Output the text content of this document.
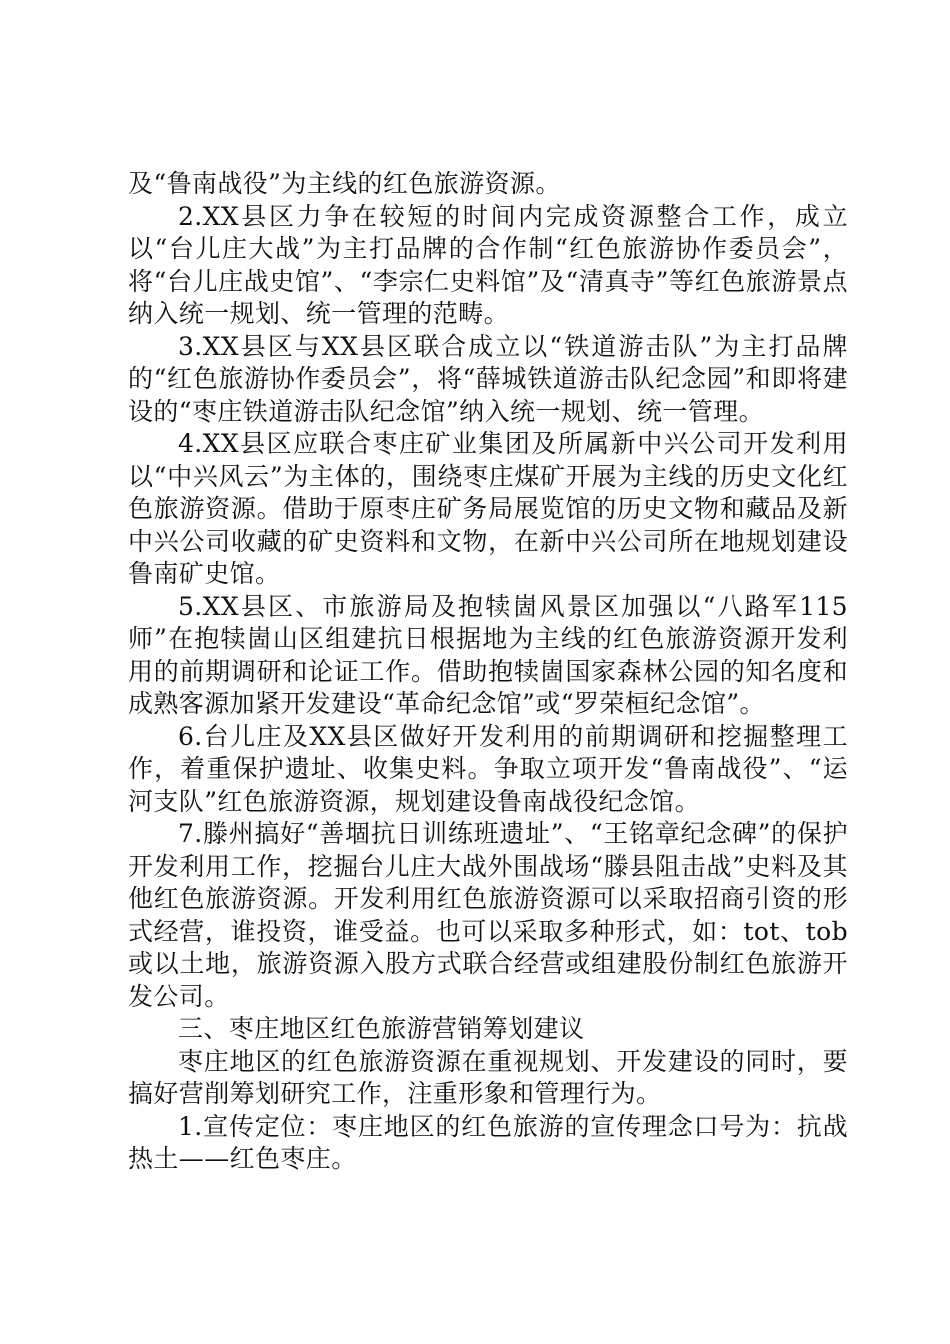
及“鲁南战役”为主线的红色旅游资源。

2.XX县区力争在较短的时间内完成资源整合工作，成立以“台儿庄大战”为主打品牌的合作制“红色旅游协作委员会”，将“台儿庄战史馆”、“李宗仁史料馆”及“清真寺”等红色旅游景点纳入统一规划、统一管理的范畴。

3.XX县区与XX县区联合成立以“铁道游击队”为主打品牌的“红色旅游协作委员会”，将“薛城铁道游击队纪念园”和即将建设的“枣庄铁道游击队纪念馆”纳入统一规划、统一管理。

4.XX县区应联合枣庄矿业集团及所属新中兴公司开发利用以“中兴风云”为主体的，围绕枣庄煤矿开展为主线的历史文化红色旅游资源。借助于原枣庄矿务局展览馆的历史文物和藏品及新中兴公司收藏的矿史资料和文物，在新中兴公司所在地规划建设鲁南矿史馆。

5.XX县区、市旅游局及抱犊崮风景区加强以“八路军115师”在抱犊崮山区组建抗日根据地为主线的红色旅游资源开发利用的前期调研和论证工作。借助抱犊崮国家森林公园的知名度和成熟客源加紧开发建设“革命纪念馆”或“罗荣桓纪念馆”。

6.台儿庄及XX县区做好开发利用的前期调研和挖掘整理工作，着重保护遗址、收集史料。争取立项开发“鲁南战役”、“运河支队”红色旅游资源，规划建设鲁南战役纪念馆。

7.滕州搞好“善堌抗日训练班遗址”、“王铭章纪念碑”的保护开发利用工作，挖掘台儿庄大战外围战场“滕县阻击战”史料及其他红色旅游资源。开发利用红色旅游资源可以采取招商引资的形式经营，谁投资，谁受益。也可以采取多种形式，如：tot、tob或以土地，旅游资源入股方式联合经营或组建股份制红色旅游开发公司。

三、枣庄地区红色旅游营销筹划建议

枣庄地区的红色旅游资源在重视规划、开发建设的同时，要搞好营削筹划研究工作，注重形象和管理行为。

1.宣传定位：枣庄地区的红色旅游的宣传理念口号为：抗战热土——红色枣庄。
